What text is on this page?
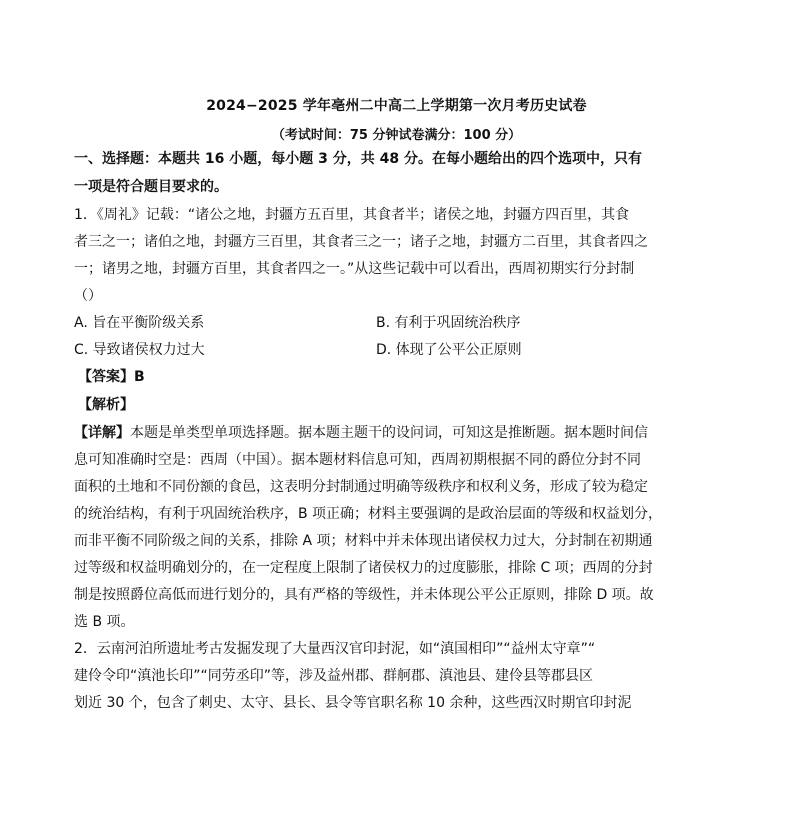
2024−2025 学年亳州二中高二上学期第一次月考历史试卷
（考试时间：75 分钟试卷满分：100 分）
一、选择题：本题共 16 小题，每小题 3 分，共 48 分。在每小题给出的四个选项中，只有
一项是符合题目要求的。
1．《周礼》记载：“诸公之地，封疆方五百里，其食者半；诸侯之地，封疆方四百里，其食
者三之一；诸伯之地，封疆方三百里，其食者三之一；诸子之地，封疆方二百里，其食者四之
一；诸男之地，封疆方百里，其食者四之一。”从这些记载中可以看出，西周初期实行分封制
（）
A. 旨在平衡阶级关系	B. 有利于巩固统治秩序
C. 导致诸侯权力过大	D. 体现了公平公正原则
【答案】B
【解析】
【详解】本题是单类型单项选择题。据本题主题干的设问词，可知这是推断题。据本题时间信
息可知准确时空是：西周（中国）。据本题材料信息可知，西周初期根据不同的爵位分封不同
面积的土地和不同份额的食邑，这表明分封制通过明确等级秩序和权利义务，形成了较为稳定
的统治结构，有利于巩固统治秩序，B 项正确；材料主要强调的是政治层面的等级和权益划分，
而非平衡不同阶级之间的关系，排除 A 项；材料中并未体现出诸侯权力过大，分封制在初期通
过等级和权益明确划分的，在一定程度上限制了诸侯权力的过度膨胀，排除 C 项；西周的分封
制是按照爵位高低而进行划分的，具有严格的等级性，并未体现公平公正原则，排除 D 项。故
选 B 项。
2．云南河泊所遗址考古发掘发现了大量西汉官印封泥，如“滇国相印”“益州太守章”“
建伶令印“滇池长印”“同劳丞印”等，涉及益州郡、群舸郡、滇池县、建伶县等郡县区
划近 30 个，包含了刺史、太守、县长、县令等官职名称 10 余种，这些西汉时期官印封泥
